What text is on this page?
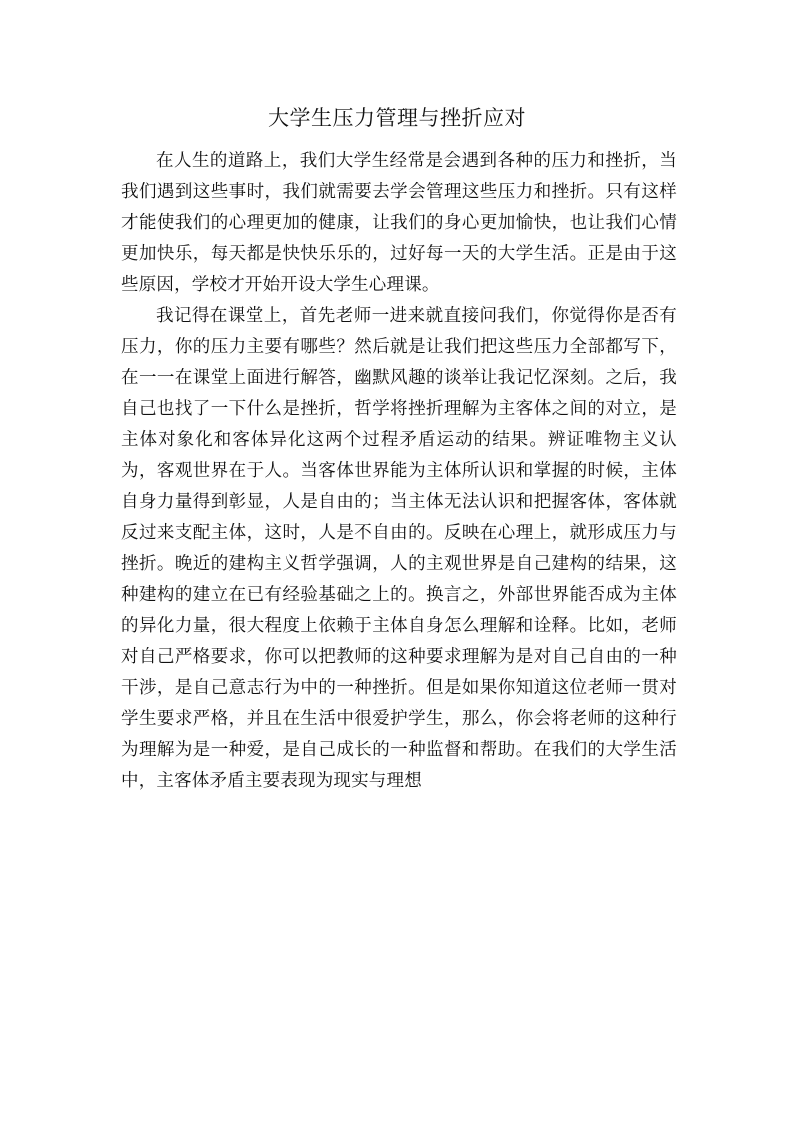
大学生压力管理与挫折应对

在人生的道路上，我们大学生经常是会遇到各种的压力和挫折，当我们遇到这些事时，我们就需要去学会管理这些压力和挫折。只有这样才能使我们的心理更加的健康，让我们的身心更加愉快，也让我们心情更加快乐，每天都是快快乐乐的，过好每一天的大学生活。正是由于这些原因，学校才开始开设大学生心理课。

我记得在课堂上，首先老师一进来就直接问我们，你觉得你是否有压力，你的压力主要有哪些？然后就是让我们把这些压力全部都写下，在一一在课堂上面进行解答，幽默风趣的谈举让我记忆深刻。之后，我自己也找了一下什么是挫折，哲学将挫折理解为主客体之间的对立，是主体对象化和客体异化这两个过程矛盾运动的结果。辨证唯物主义认为，客观世界在于人。当客体世界能为主体所认识和掌握的时候，主体自身力量得到彰显，人是自由的；当主体无法认识和把握客体，客体就反过来支配主体，这时，人是不自由的。反映在心理上，就形成压力与挫折。晚近的建构主义哲学强调，人的主观世界是自己建构的结果，这种建构的建立在已有经验基础之上的。换言之，外部世界能否成为主体的异化力量，很大程度上依赖于主体自身怎么理解和诠释。比如，老师对自己严格要求，你可以把教师的这种要求理解为是对自己自由的一种干涉，是自己意志行为中的一种挫折。但是如果你知道这位老师一贯对学生要求严格，并且在生活中很爱护学生，那么，你会将老师的这种行为理解为是一种爱，是自己成长的一种监督和帮助。在我们的大学生活中，主客体矛盾主要表现为现实与理想
